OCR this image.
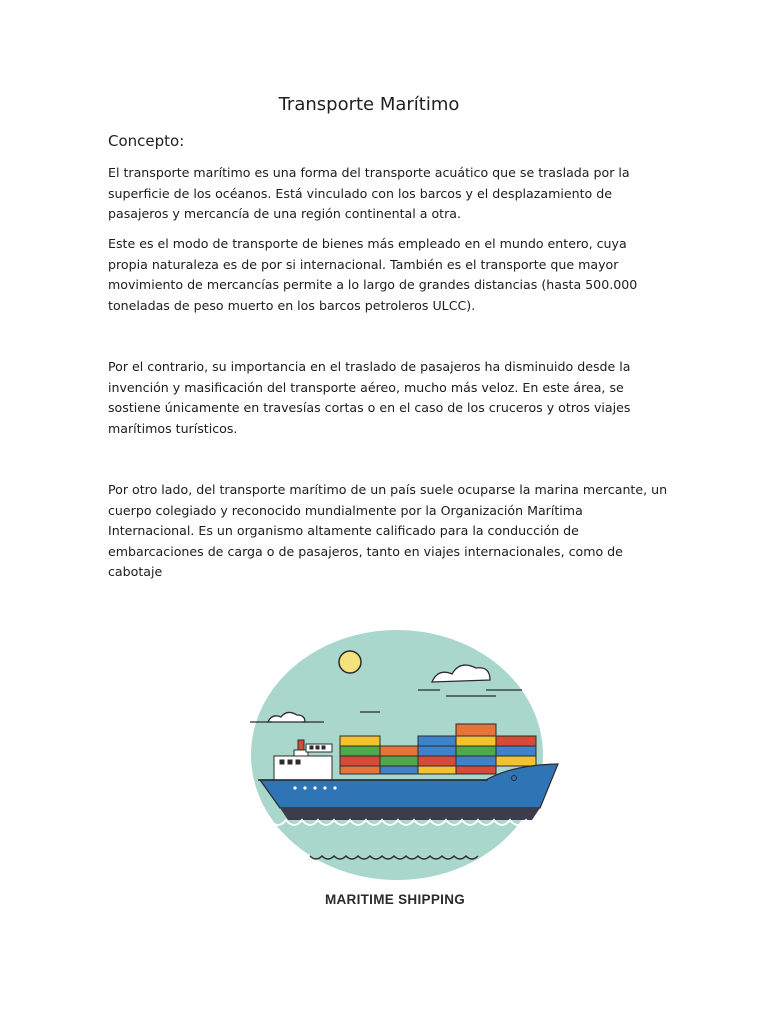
Transporte Marítimo
Concepto:

El transporte marítimo es una forma del transporte acuático que se traslada por la superficie de los océanos. Está vinculado con los barcos y el desplazamiento de pasajeros y mercancía de una región continental a otra.

Este es el modo de transporte de bienes más empleado en el mundo entero, cuya propia naturaleza es de por si internacional. También es el transporte que mayor movimiento de mercancías permite a lo largo de grandes distancias (hasta 500.000 toneladas de peso muerto en los barcos petroleros ULCC).

Por el contrario, su importancia en el traslado de pasajeros ha disminuido desde la invención y masificación del transporte aéreo, mucho más veloz. En este área, se sostiene únicamente en travesías cortas o en el caso de los cruceros y otros viajes marítimos turísticos.

Por otro lado, del transporte marítimo de un país suele ocuparse la marina mercante, un cuerpo colegiado y reconocido mundialmente por la Organización Marítima Internacional. Es un organismo altamente calificado para la conducción de embarcaciones de carga o de pasajeros, tanto en viajes internacionales, como de cabotaje

MARITIME SHIPPING
